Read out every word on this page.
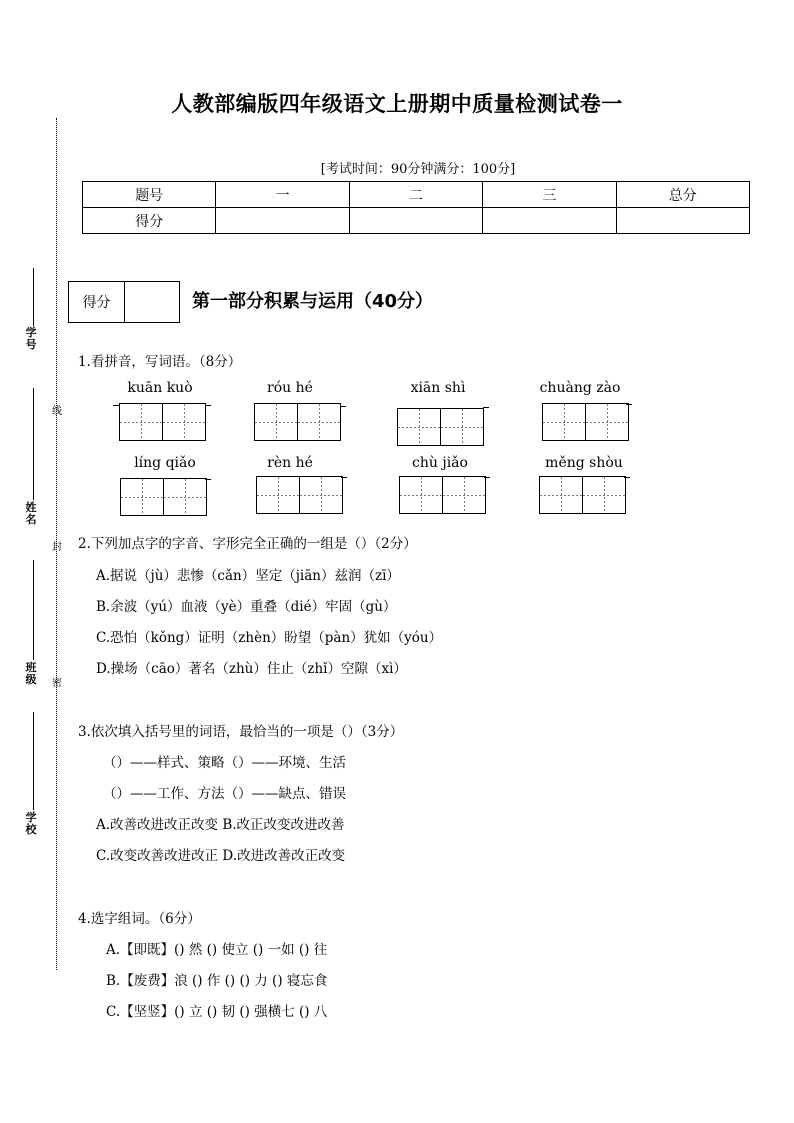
学号
姓名
班级
学校
线
封
密
人教部编版四年级语文上册期中质量检测试卷一
[考试时间：90分钟满分：100分]
题号	一	二	三	总分
得分				
得分	第一部分积累与运用（40分）
1.看拼音，写词语。（8分）
kuān kuò	róu hé	xiān shì	chuàng zào
líng qiǎo	rèn hé	chù jiǎo	měng shòu
2.下列加点字的字音、字形完全正确的一组是（）（2分）
A.据说（jù）悲惨（cǎn）坚定（jiān）兹润（zī）
B.余波（yú）血液（yè）重叠（dié）牢固（gù）
C.恐怕（kǒng）证明（zhèn）盼望（pàn）犹如（yóu）
D.操场（cāo）著名（zhù）住止（zhǐ）空隙（xì）
3.依次填入括号里的词语，最恰当的一项是（）（3分）
（）——样式、策略（）——环境、生活
（）——工作、方法（）——缺点、错误
A.改善改进改正改变 B.改正改变改进改善
C.改变改善改进改正 D.改进改善改正改变
4.选字组词。（6分）
A.【即既】() 然 () 使立 () 一如 () 往
B.【废费】浪 () 作 () () 力 () 寝忘食
C.【坚竖】() 立 () 韧 () 强横七 () 八
